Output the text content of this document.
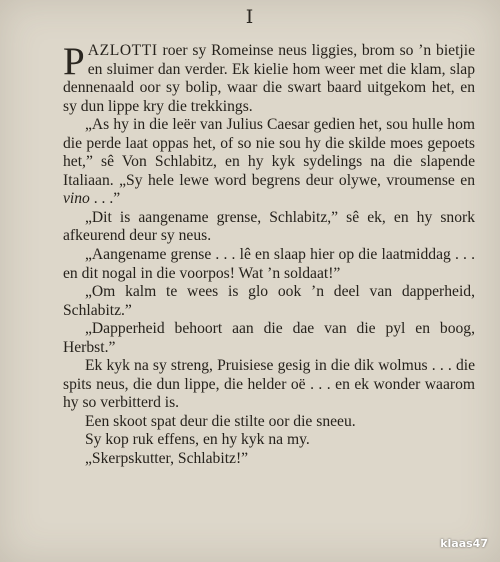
I

PAZLOTTI roer sy Romeinse neus liggies, brom so ’n bietjie en sluimer dan verder. Ek kielie hom weer met die klam, slap dennenaald oor sy bolip, waar die swart baard uitgekom het, en sy dun lippe kry die trekkings.

„As hy in die leër van Julius Caesar gedien het, sou hulle hom die perde laat oppas het, of so nie sou hy die skilde moes gepoets het,” sê Von Schlabitz, en hy kyk sydelings na die slapende Italiaan. „Sy hele lewe word begrens deur olywe, vroumense en vino . . .”

„Dit is aangename grense, Schlabitz,” sê ek, en hy snork afkeurend deur sy neus.

„Aangename grense . . . lê en slaap hier op die laatmiddag . . . en dit nogal in die voorpos! Wat ’n soldaat!”

„Om kalm te wees is glo ook ’n deel van dapperheid, Schlabitz.”

„Dapperheid behoort aan die dae van die pyl en boog, Herbst.”

Ek kyk na sy streng, Pruisiese gesig in die dik wolmus . . . die spits neus, die dun lippe, die helder oë . . . en ek wonder waarom hy so verbitterd is.

Een skoot spat deur die stilte oor die sneeu.

Sy kop ruk effens, en hy kyk na my.

„Skerpskutter, Schlabitz!”

klaas47
